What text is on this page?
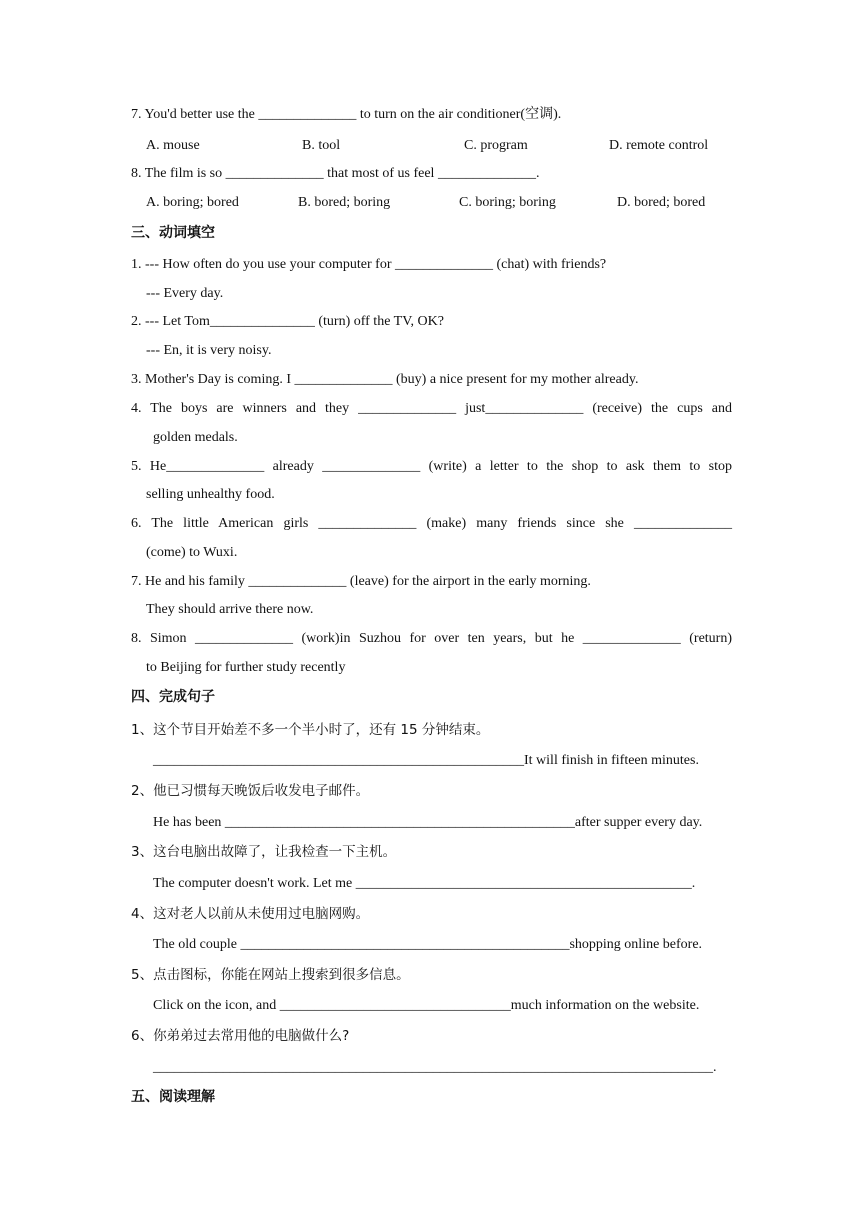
7. You'd better use the ______________ to turn on the air conditioner(空调).
A. mouse	B. tool	C. program	D. remote control
8. The film is so ______________ that most of us feel ______________.
A. boring; bored	B. bored; boring	C. boring; boring	D. bored; bored
三、动词填空
1. --- How often do you use your computer for ______________ (chat) with friends?
--- Every day.
2. --- Let Tom_______________ (turn) off the TV, OK?
--- En, it is very noisy.
3. Mother's Day is coming. I ______________ (buy) a nice present for my mother already.
4. The boys are winners and they ______________ just______________ (receive) the cups and
golden medals.
5. He______________ already ______________ (write) a letter to the shop to ask them to stop
selling unhealthy food.
6. The little American girls ______________ (make) many friends since she ______________
(come) to Wuxi.
7. He and his family ______________ (leave) for the airport in the early morning.
They should arrive there now.
8. Simon ______________ (work)in Suzhou for over ten years, but he ______________ (return)
to Beijing for further study recently
四、完成句子
1、这个节目开始差不多一个半小时了，还有 15 分钟结束。
_____________________________________________________It will finish in fifteen minutes.
2、他已习惯每天晚饭后收发电子邮件。
He has been __________________________________________________after supper every day.
3、这台电脑出故障了，让我检查一下主机。
The computer doesn't work. Let me ________________________________________________.
4、这对老人以前从未使用过电脑网购。
The old couple _______________________________________________shopping online before.
5、点击图标，你能在网站上搜索到很多信息。
Click on the icon, and _________________________________much information on the website.
6、你弟弟过去常用他的电脑做什么?
________________________________________________________________________________.
五、阅读理解
